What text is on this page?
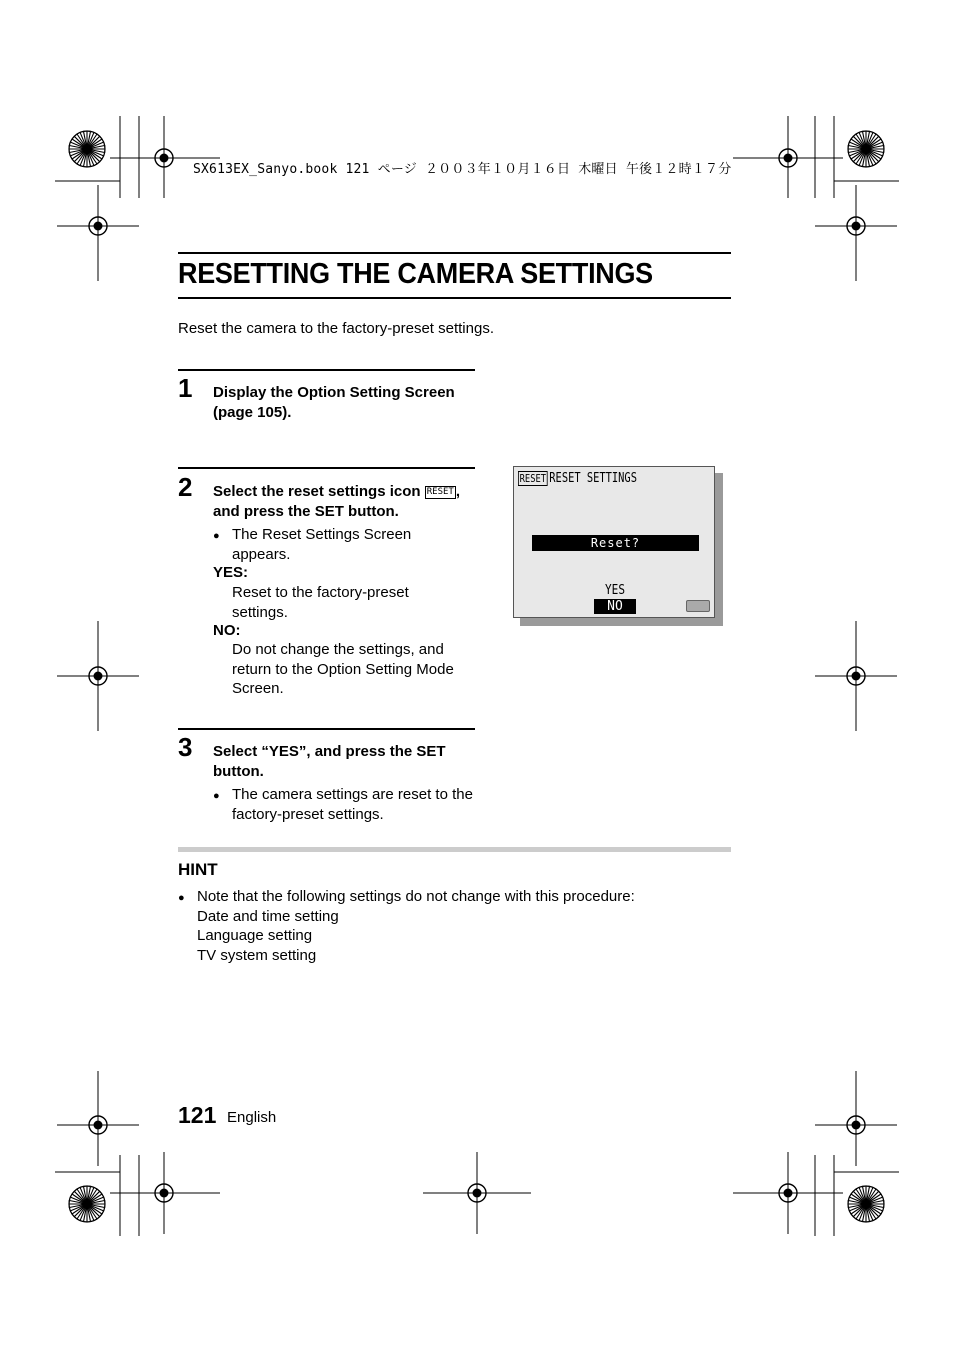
SX613EX_Sanyo.book 121 ページ ２００３年１０月１６日 木曜日 午後１２時１７分
RESETTING THE CAMERA SETTINGS
Reset the camera to the factory-preset settings.
1 Display the Option Setting Screen (page 105).
2 Select the reset settings icon RESET , and press the SET button.
● The Reset Settings Screen appears.
YES:
Reset to the factory-preset settings.
NO:
Do not change the settings, and return to the Option Setting Mode Screen.
3 Select “YES”, and press the SET button.
● The camera settings are reset to the factory-preset settings.
RESET RESET SETTINGS
Reset?
YES
NO
HINT
● Note that the following settings do not change with this procedure:
Date and time setting
Language setting
TV system setting
121 English
